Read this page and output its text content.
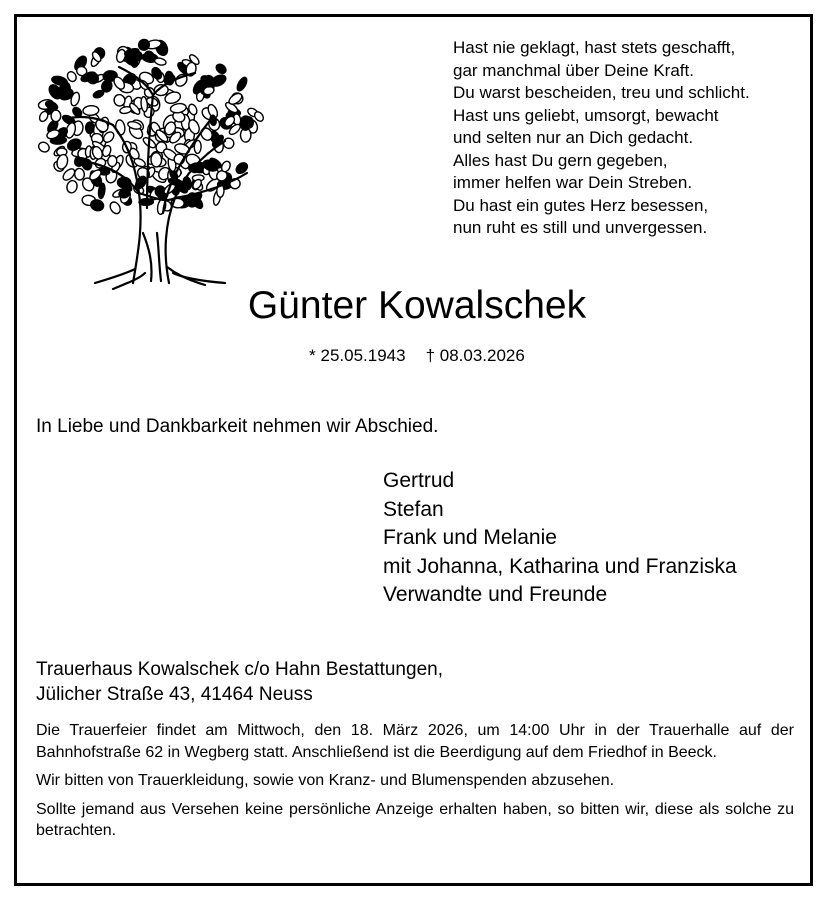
Hast nie geklagt, hast stets geschafft,
gar manchmal über Deine Kraft.
Du warst bescheiden, treu und schlicht.
Hast uns geliebt, umsorgt, bewacht
und selten nur an Dich gedacht.
Alles hast Du gern gegeben,
immer helfen war Dein Streben.
Du hast ein gutes Herz besessen,
nun ruht es still und unvergessen.
Günter Kowalschek
* 25.05.1943 † 08.03.2026
In Liebe und Dankbarkeit nehmen wir Abschied.
Gertrud
Stefan
Frank und Melanie
mit Johanna, Katharina und Franziska
Verwandte und Freunde
Trauerhaus Kowalschek c/o Hahn Bestattungen,
Jülicher Straße 43, 41464 Neuss

Die Trauerfeier findet am Mittwoch, den 18. März 2026, um 14:00 Uhr in der Trauerhalle auf der Bahnhofstraße 62 in Wegberg statt. Anschließend ist die Beerdigung auf dem Friedhof in Beeck.

Wir bitten von Trauerkleidung, sowie von Kranz- und Blumenspenden abzusehen.

Sollte jemand aus Versehen keine persönliche Anzeige erhalten haben, so bitten wir, diese als solche zu betrachten.
